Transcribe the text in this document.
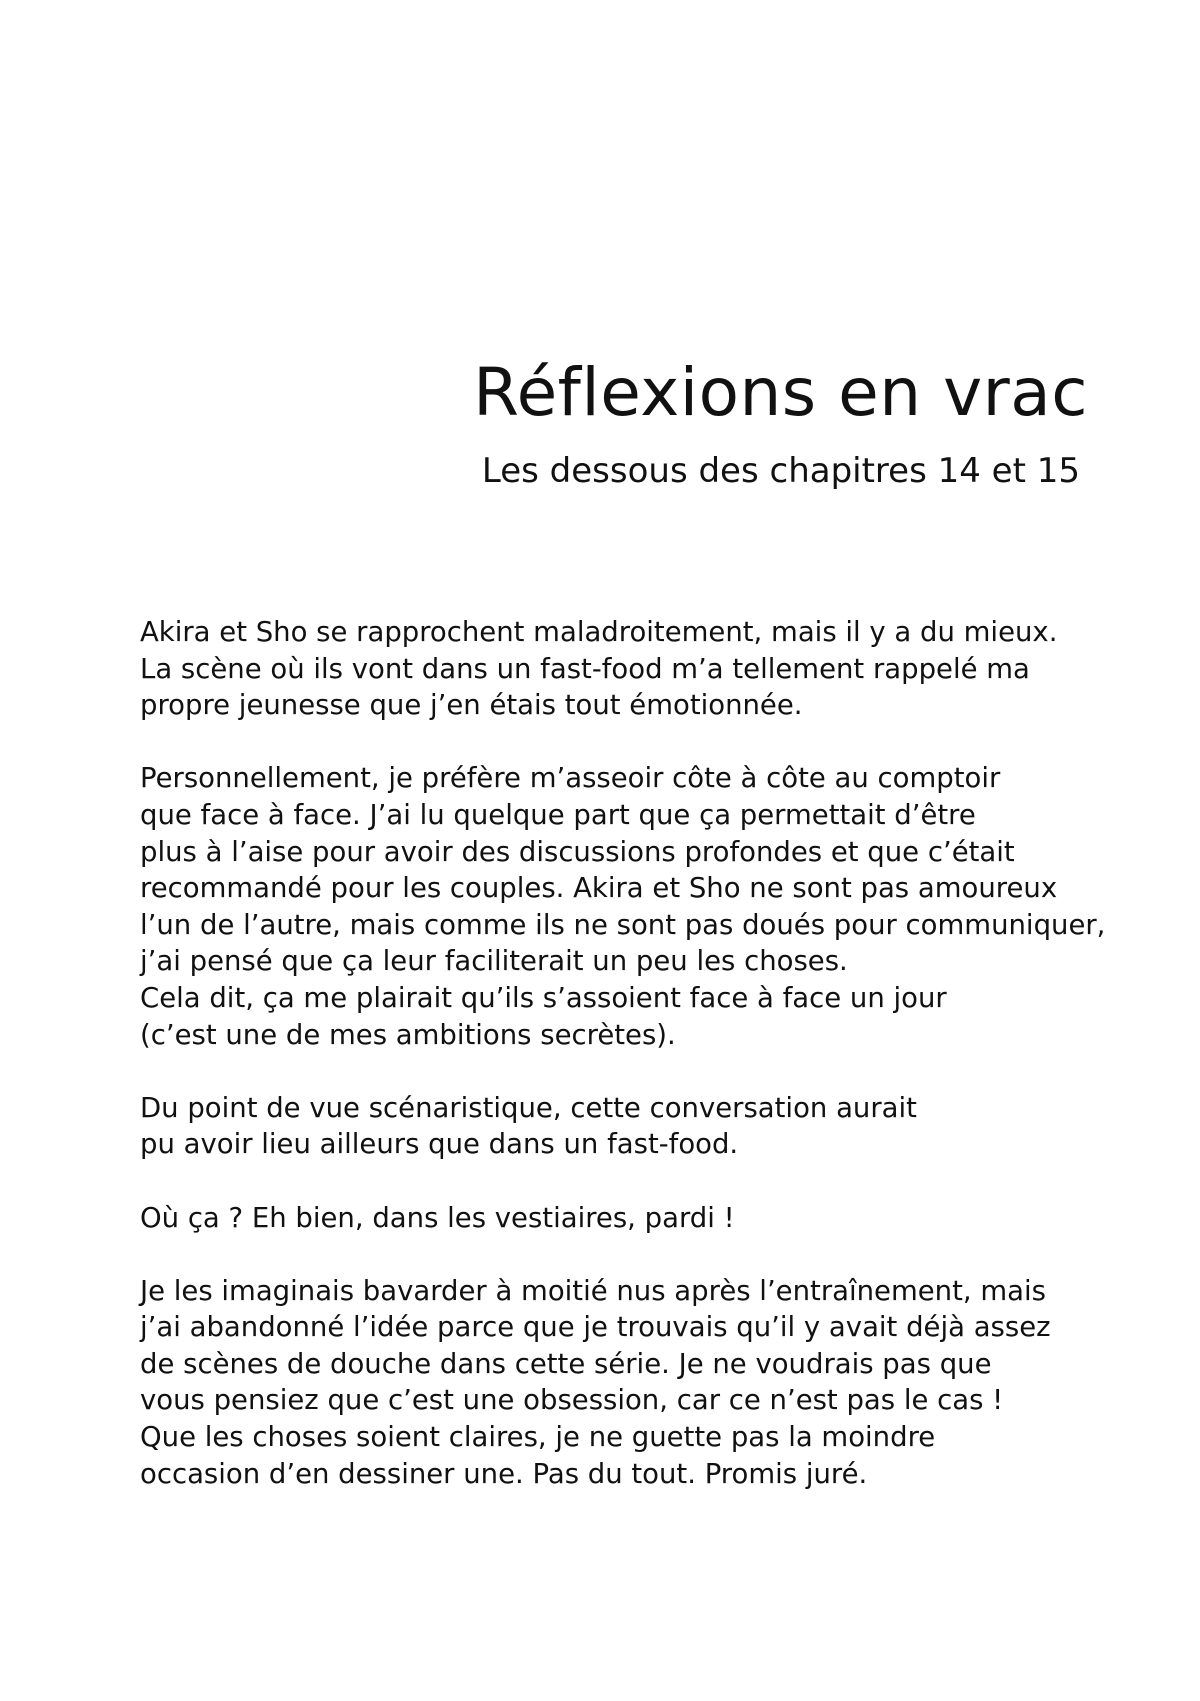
Réflexions en vrac

Les dessous des chapitres 14 et 15

Akira et Sho se rapprochent maladroitement, mais il y a du mieux.
La scène où ils vont dans un fast-food m’a tellement rappelé ma
propre jeunesse que j’en étais tout émotionnée.

Personnellement, je préfère m’asseoir côte à côte au comptoir
que face à face. J’ai lu quelque part que ça permettait d’être
plus à l’aise pour avoir des discussions profondes et que c’était
recommandé pour les couples. Akira et Sho ne sont pas amoureux
l’un de l’autre, mais comme ils ne sont pas doués pour communiquer,
j’ai pensé que ça leur faciliterait un peu les choses.
Cela dit, ça me plairait qu’ils s’assoient face à face un jour
(c’est une de mes ambitions secrètes).

Du point de vue scénaristique, cette conversation aurait
pu avoir lieu ailleurs que dans un fast-food.

Où ça ? Eh bien, dans les vestiaires, pardi !

Je les imaginais bavarder à moitié nus après l’entraînement, mais
j’ai abandonné l’idée parce que je trouvais qu’il y avait déjà assez
de scènes de douche dans cette série. Je ne voudrais pas que
vous pensiez que c’est une obsession, car ce n’est pas le cas !
Que les choses soient claires, je ne guette pas la moindre
occasion d’en dessiner une. Pas du tout. Promis juré.
